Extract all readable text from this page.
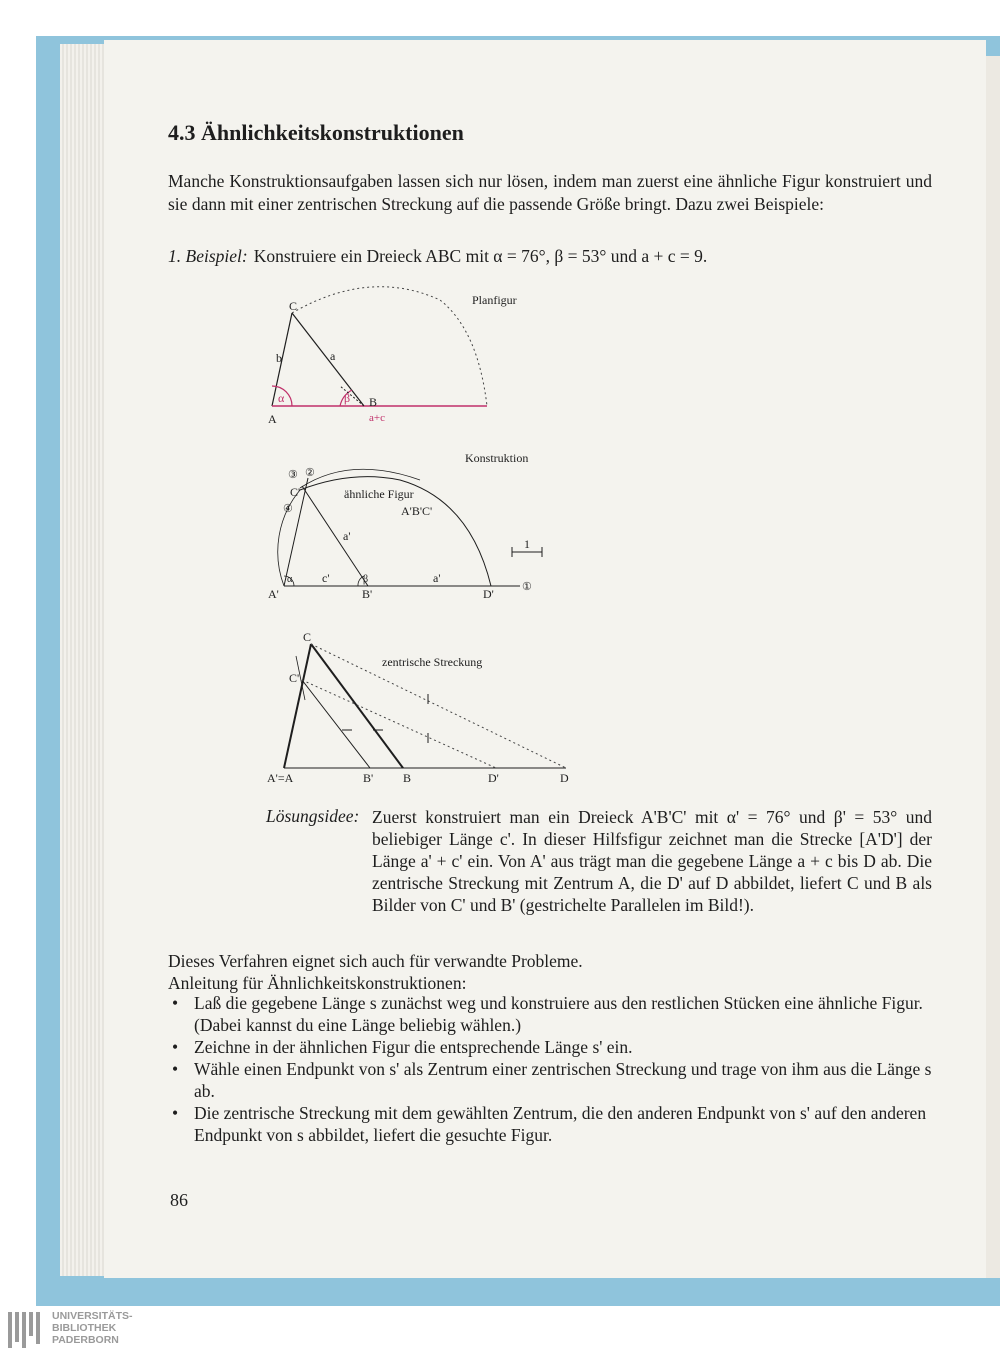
4.3 Ähnlichkeitskonstruktionen
Manche Konstruktionsaufgaben lassen sich nur lösen, indem man zuerst eine ähnliche Figur konstruiert und sie dann mit einer zentrischen Streckung auf die passende Größe bringt. Dazu zwei Beispiele:
1. Beispiel: Konstruiere ein Dreieck ABC mit α = 76°, β = 53° und a + c = 9.
C
A
B
b	a
α	β
a+c
Planfigur
1
C'
A'	B'	D'
a'
c'	a'
α	β
③ ②
④
①
Konstruktion
ähnliche Figur
A'B'C'
C
C'
A'=A	B' B	D'	D
zentrische Streckung
Lösungsidee: Zuerst konstruiert man ein Dreieck A'B'C' mit α' = 76° und β' = 53° und beliebiger Länge c'. In dieser Hilfsfigur zeichnet man die Strecke [A'D'] der Länge a' + c' ein. Von A' aus trägt man die gegebene Länge a + c bis D ab. Die zentrische Streckung mit Zentrum A, die D' auf D abbildet, liefert C und B als Bilder von C' und B' (gestrichelte Parallelen im Bild!).
Dieses Verfahren eignet sich auch für verwandte Probleme.
Anleitung für Ähnlichkeitskonstruktionen:
• Laß die gegebene Länge s zunächst weg und konstruiere aus den restlichen Stücken eine ähnliche Figur.
(Dabei kannst du eine Länge beliebig wählen.)
• Zeichne in der ähnlichen Figur die entsprechende Länge s' ein.
• Wähle einen Endpunkt von s' als Zentrum einer zentrischen Streckung und trage von ihm aus die Länge s ab.
• Die zentrische Streckung mit dem gewählten Zentrum, die den anderen Endpunkt von s' auf den anderen Endpunkt von s abbildet, liefert die gesuchte Figur.
86
UNIVERSITÄTS-
BIBLIOTHEK
PADERBORN
